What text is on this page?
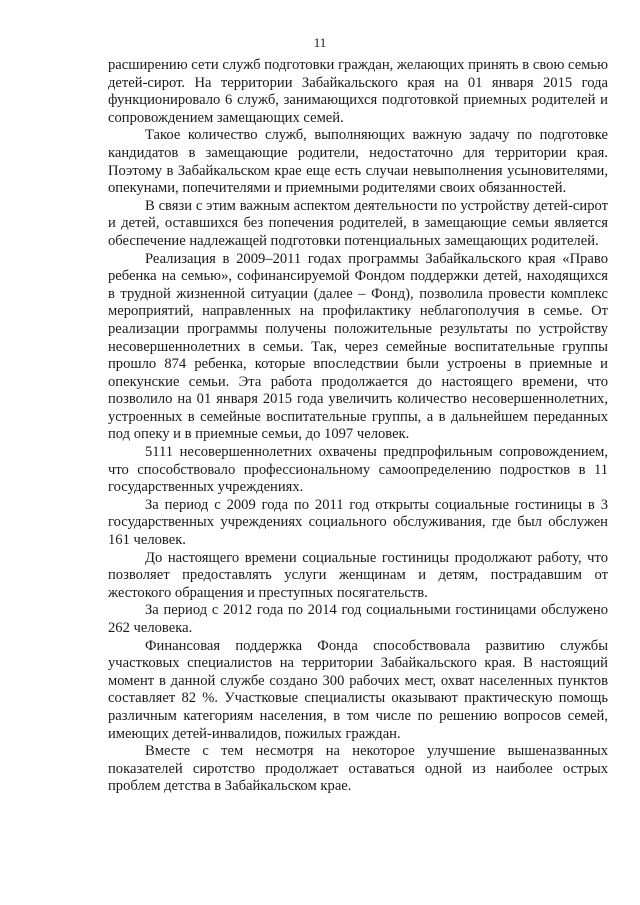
11

расширению сети служб подготовки граждан, желающих принять в свою семью детей-сирот. На территории Забайкальского края на 01 января 2015 года функционировало 6 служб, занимающихся подготовкой приемных родителей и сопровождением замещающих семей.

Такое количество служб, выполняющих важную задачу по подготовке кандидатов в замещающие родители, недостаточно для территории края. Поэтому в Забайкальском крае еще есть случаи невыполнения усыновителями, опекунами, попечителями и приемными родителями своих обязанностей.

В связи с этим важным аспектом деятельности по устройству детей-сирот и детей, оставшихся без попечения родителей, в замещающие семьи является обеспечение надлежащей подготовки потенциальных замещающих родителей.

Реализация в 2009–2011 годах программы Забайкальского края «Право ребенка на семью», софинансируемой Фондом поддержки детей, находящихся в трудной жизненной ситуации (далее – Фонд), позволила провести комплекс мероприятий, направленных на профилактику неблагополучия в семье. От реализации программы получены положительные результаты по устройству несовершеннолетних в семьи. Так, через семейные воспитательные группы прошло 874 ребенка, которые впоследствии были устроены в приемные и опекунские семьи. Эта работа продолжается до настоящего времени, что позволило на 01 января 2015 года увеличить количество несовершеннолетних, устроенных в семейные воспитательные группы, а в дальнейшем переданных под опеку и в приемные семьи, до 1097 человек.

5111 несовершеннолетних охвачены предпрофильным сопровождением, что способствовало профессиональному самоопределению подростков в 11 государственных учреждениях.

За период с 2009 года по 2011 год открыты социальные гостиницы в 3 государственных учреждениях социального обслуживания, где был обслужен 161 человек.

До настоящего времени социальные гостиницы продолжают работу, что позволяет предоставлять услуги женщинам и детям, пострадавшим от жестокого обращения и преступных посягательств.

За период с 2012 года по 2014 год социальными гостиницами обслужено 262 человека.

Финансовая поддержка Фонда способствовала развитию службы участковых специалистов на территории Забайкальского края. В настоящий момент в данной службе создано 300 рабочих мест, охват населенных пунктов составляет 82 %. Участковые специалисты оказывают практическую помощь различным категориям населения, в том числе по решению вопросов семей, имеющих детей-инвалидов, пожилых граждан.

Вместе с тем несмотря на некоторое улучшение вышеназванных показателей сиротство продолжает оставаться одной из наиболее острых проблем детства в Забайкальском крае.
